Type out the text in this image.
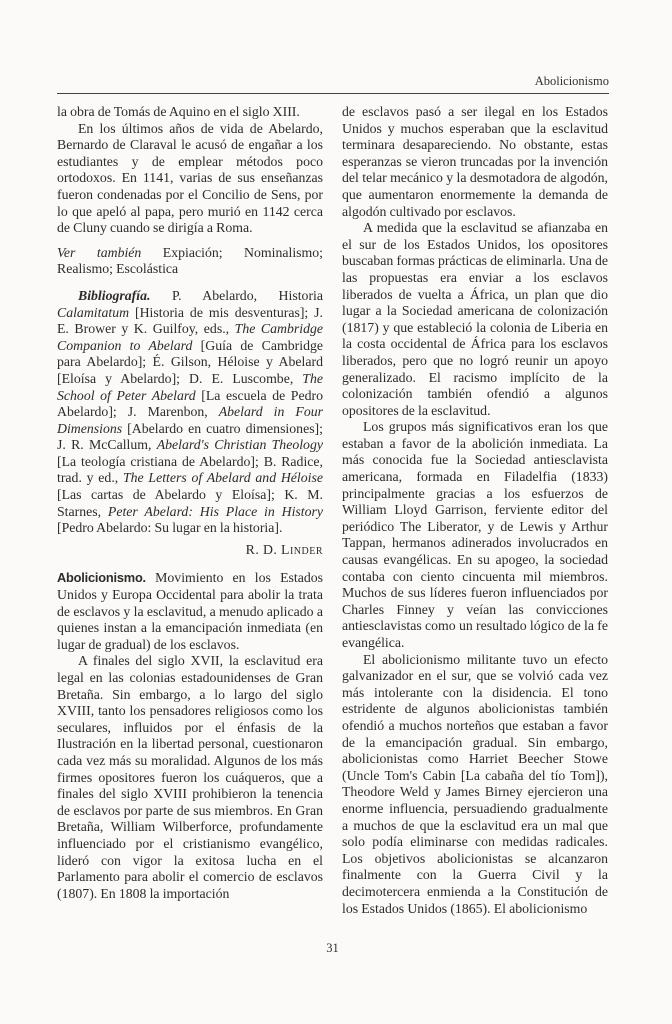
Abolicionismo

la obra de Tomás de Aquino en el siglo XIII.

En los últimos años de vida de Abelardo, Bernardo de Claraval le acusó de engañar a los estudiantes y de emplear métodos poco ortodoxos. En 1141, varias de sus enseñanzas fueron condenadas por el Concilio de Sens, por lo que apeló al papa, pero murió en 1142 cerca de Cluny cuando se dirigía a Roma.

Ver también Expiación; Nominalismo; Realismo; Escolástica

Bibliografía. P. Abelardo, Historia Calamitatum [Historia de mis desventuras]; J. E. Brower y K. Guilfoy, eds., The Cambridge Companion to Abelard [Guía de Cambridge para Abelardo]; É. Gilson, Héloise y Abelard [Eloísa y Abelardo]; D. E. Luscombe, The School of Peter Abelard [La escuela de Pedro Abelardo]; J. Marenbon, Abelard in Four Dimensions [Abelardo en cuatro dimensiones]; J. R. McCallum, Abelard's Christian Theology [La teología cristiana de Abelardo]; B. Radice, trad. y ed., The Letters of Abelard and Héloise [Las cartas de Abelardo y Eloísa]; K. M. Starnes, Peter Abelard: His Place in History [Pedro Abelardo: Su lugar en la historia].

R. D. Linder

Abolicionismo. Movimiento en los Estados Unidos y Europa Occidental para abolir la trata de esclavos y la esclavitud, a menudo aplicado a quienes instan a la emancipación inmediata (en lugar de gradual) de los esclavos.

A finales del siglo XVII, la esclavitud era legal en las colonias estadounidenses de Gran Bretaña. Sin embargo, a lo largo del siglo XVIII, tanto los pensadores religiosos como los seculares, influidos por el énfasis de la Ilustración en la libertad personal, cuestionaron cada vez más su moralidad. Algunos de los más firmes opositores fueron los cuáqueros, que a finales del siglo XVIII prohibieron la tenencia de esclavos por parte de sus miembros. En Gran Bretaña, William Wilberforce, profundamente influenciado por el cristianismo evangélico, lideró con vigor la exitosa lucha en el Parlamento para abolir el comercio de esclavos (1807). En 1808 la importación

de esclavos pasó a ser ilegal en los Estados Unidos y muchos esperaban que la esclavitud terminara desapareciendo. No obstante, estas esperanzas se vieron truncadas por la invención del telar mecánico y la desmotadora de algodón, que aumentaron enormemente la demanda de algodón cultivado por esclavos.

A medida que la esclavitud se afianzaba en el sur de los Estados Unidos, los opositores buscaban formas prácticas de eliminarla. Una de las propuestas era enviar a los esclavos liberados de vuelta a África, un plan que dio lugar a la Sociedad americana de colonización (1817) y que estableció la colonia de Liberia en la costa occidental de África para los esclavos liberados, pero que no logró reunir un apoyo generalizado. El racismo implícito de la colonización también ofendió a algunos opositores de la esclavitud.

Los grupos más significativos eran los que estaban a favor de la abolición inmediata. La más conocida fue la Sociedad antiesclavista americana, formada en Filadelfia (1833) principalmente gracias a los esfuerzos de William Lloyd Garrison, ferviente editor del periódico The Liberator, y de Lewis y Arthur Tappan, hermanos adinerados involucrados en causas evangélicas. En su apogeo, la sociedad contaba con ciento cincuenta mil miembros. Muchos de sus líderes fueron influenciados por Charles Finney y veían las convicciones antiesclavistas como un resultado lógico de la fe evangélica.

El abolicionismo militante tuvo un efecto galvanizador en el sur, que se volvió cada vez más intolerante con la disidencia. El tono estridente de algunos abolicionistas también ofendió a muchos norteños que estaban a favor de la emancipación gradual. Sin embargo, abolicionistas como Harriet Beecher Stowe (Uncle Tom's Cabin [La cabaña del tío Tom]), Theodore Weld y James Birney ejercieron una enorme influencia, persuadiendo gradualmente a muchos de que la esclavitud era un mal que solo podía eliminarse con medidas radicales. Los objetivos abolicionistas se alcanzaron finalmente con la Guerra Civil y la decimotercera enmienda a la Constitución de los Estados Unidos (1865). El abolicionismo

31
